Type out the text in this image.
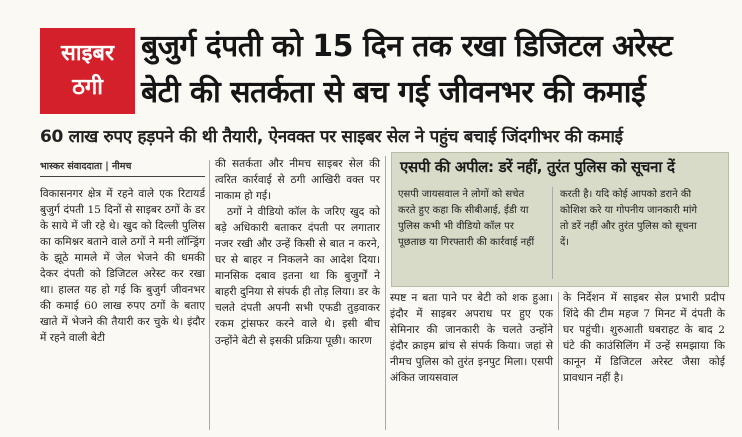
साइबर
ठगी
बुजुर्ग दंपती को 15 दिन तक रखा डिजिटल अरेस्ट
बेटी की सतर्कता से बच गई जीवनभर की कमाई
60 लाख रुपए हड़पने की थी तैयारी, ऐनवक्त पर साइबर सेल ने पहुंच बचाई जिंदगीभर की कमाई
भास्कर संवाददाता | नीमच

विकासनगर क्षेत्र में रहने वाले एक रिटायर्ड बुजुर्ग दंपती 15 दिनों से साइबर ठगों के डर के साये में जी रहे थे। खुद को दिल्ली पुलिस का कमिश्नर बताने वाले ठगों ने मनी लॉन्ड्रिंग के झूठे मामले में जेल भेजने की धमकी देकर दंपती को डिजिटल अरेस्ट कर रखा था। हालत यह हो गई कि बुजुर्ग जीवनभर की कमाई 60 लाख रुपए ठगों के बताए खाते में भेजने की तैयारी कर चुके थे। इंदौर में रहने वाली बेटी

की सतर्कता और नीमच साइबर सेल की त्वरित कार्रवाई से ठगी आखिरी वक्त पर नाकाम हो गई।

ठगों ने वीडियो कॉल के जरिए खुद को बड़े अधिकारी बताकर दंपती पर लगातार नजर रखी और उन्हें किसी से बात न करने, घर से बाहर न निकलने का आदेश दिया। मानसिक दबाव इतना था कि बुजुर्गों ने बाहरी दुनिया से संपर्क ही तोड़ लिया। डर के चलते दंपती अपनी सभी एफडी तुड़वाकर रकम ट्रांसफर करने वाले थे। इसी बीच उन्होंने बेटी से इसकी प्रक्रिया पूछी। कारण

एसपी की अपील: डरें नहीं, तुरंत पुलिस को सूचना दें

एसपी जायसवाल ने लोगों को सचेत करते हुए कहा कि सीबीआई, ईडी या पुलिस कभी भी वीडियो कॉल पर पूछताछ या गिरफ्तारी की कार्रवाई नहीं

करती है। यदि कोई आपको डराने की कोशिश करे या गोपनीय जानकारी मांगे तो डरें नहीं और तुरंत पुलिस को सूचना दें।

स्पष्ट न बता पाने पर बेटी को शक हुआ। इंदौर में साइबर अपराध पर हुए एक सेमिनार की जानकारी के चलते उन्होंने इंदौर क्राइम ब्रांच से संपर्क किया। जहां से नीमच पुलिस को तुरंत इनपुट मिला। एसपी अंकित जायसवाल

के निर्देशन में साइबर सेल प्रभारी प्रदीप शिंदे की टीम महज 7 मिनट में दंपती के घर पहुंची। शुरुआती घबराहट के बाद 2 घंटे की काउंसिलिंग में उन्हें समझाया कि कानून में डिजिटल अरेस्ट जैसा कोई प्रावधान नहीं है।
